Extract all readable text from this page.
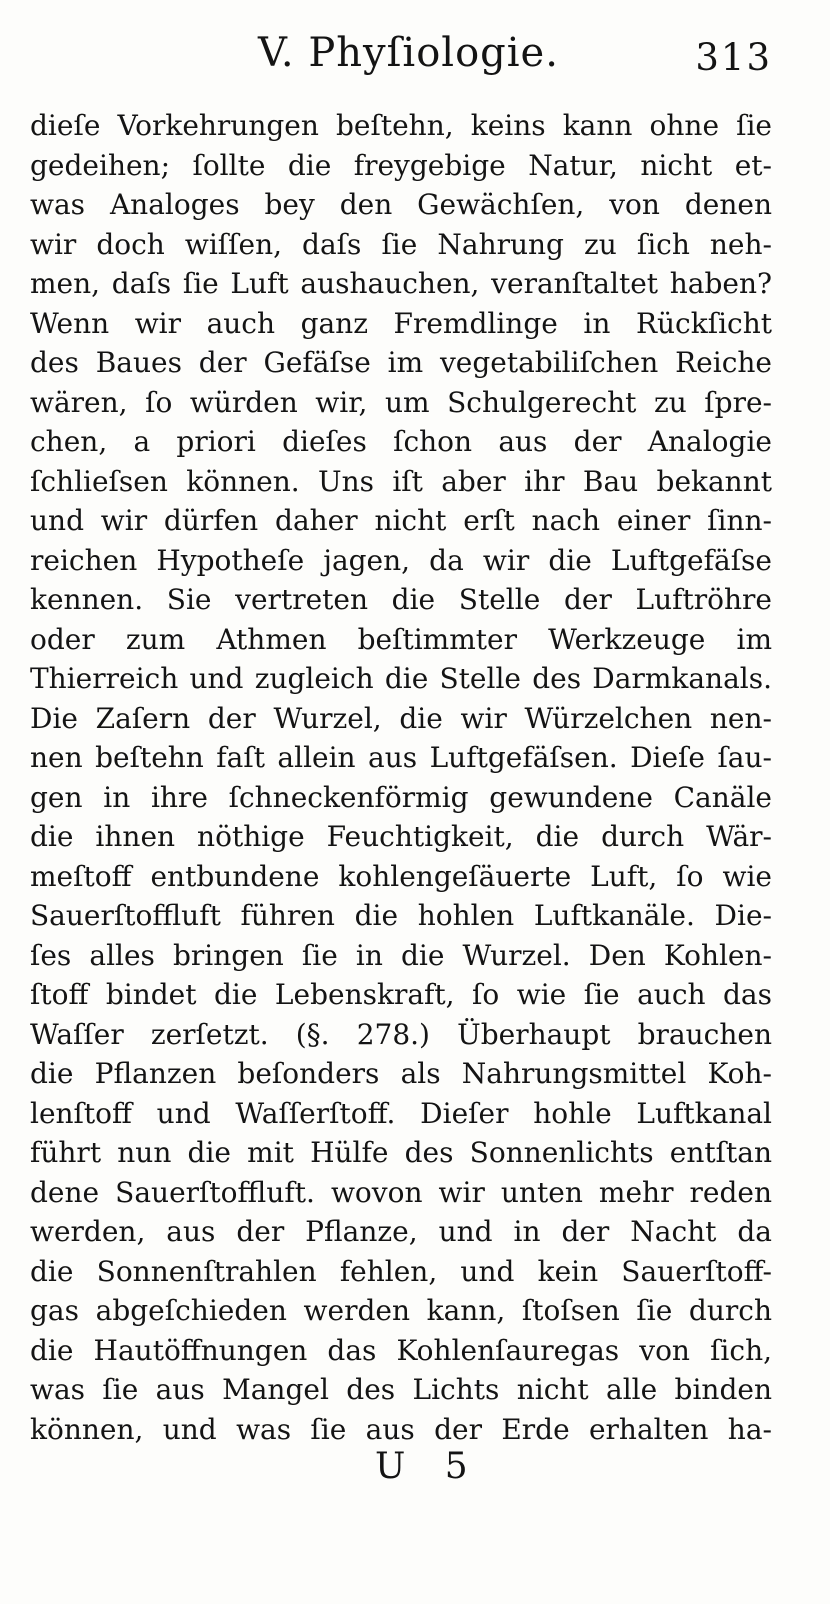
V. Phyſiologie.	313
dieſe Vorkehrungen beſtehn, keins kann ohne ſie
gedeihen; ſollte die freygebige Natur, nicht et-
was Analoges bey den Gewächſen, von denen
wir doch wiſſen, daſs ſie Nahrung zu ſich neh-
men, daſs ſie Luft aushauchen, veranſtaltet haben?
Wenn wir auch ganz Fremdlinge in Rückſicht
des Baues der Gefäſse im vegetabiliſchen Reiche
wären, ſo würden wir, um Schulgerecht zu ſpre-
chen, a priori dieſes ſchon aus der Analogie
ſchlieſsen können. Uns iſt aber ihr Bau bekannt
und wir dürfen daher nicht erſt nach einer ſinn-
reichen Hypotheſe jagen, da wir die Luftgefäſse
kennen. Sie vertreten die Stelle der Luftröhre
oder zum Athmen beſtimmter Werkzeuge im
Thierreich und zugleich die Stelle des Darmkanals.
Die Zaſern der Wurzel, die wir Würzelchen nen-
nen beſtehn faſt allein aus Luftgefäſsen. Dieſe ſau-
gen in ihre ſchneckenförmig gewundene Canäle
die ihnen nöthige Feuchtigkeit, die durch Wär-
meſtoff entbundene kohlengeſäuerte Luft, ſo wie
Sauerſtoffluft führen die hohlen Luftkanäle. Die-
ſes alles bringen ſie in die Wurzel. Den Kohlen-
ſtoff bindet die Lebenskraft, ſo wie ſie auch das
Waſſer zerſetzt. (§. 278.) Überhaupt brauchen
die Pflanzen beſonders als Nahrungsmittel Koh-
lenſtoff und Waſſerſtoff. Dieſer hohle Luftkanal
führt nun die mit Hülfe des Sonnenlichts entſtan
dene Sauerſtoffluft. wovon wir unten mehr reden
werden, aus der Pflanze, und in der Nacht da
die Sonnenſtrahlen fehlen, und kein Sauerſtoff-
gas abgeſchieden werden kann, ſtoſsen ſie durch
die Hautöffnungen das Kohlenſauregas von ſich,
was ſie aus Mangel des Lichts nicht alle binden
können, und was ſie aus der Erde erhalten ha-
U 5
